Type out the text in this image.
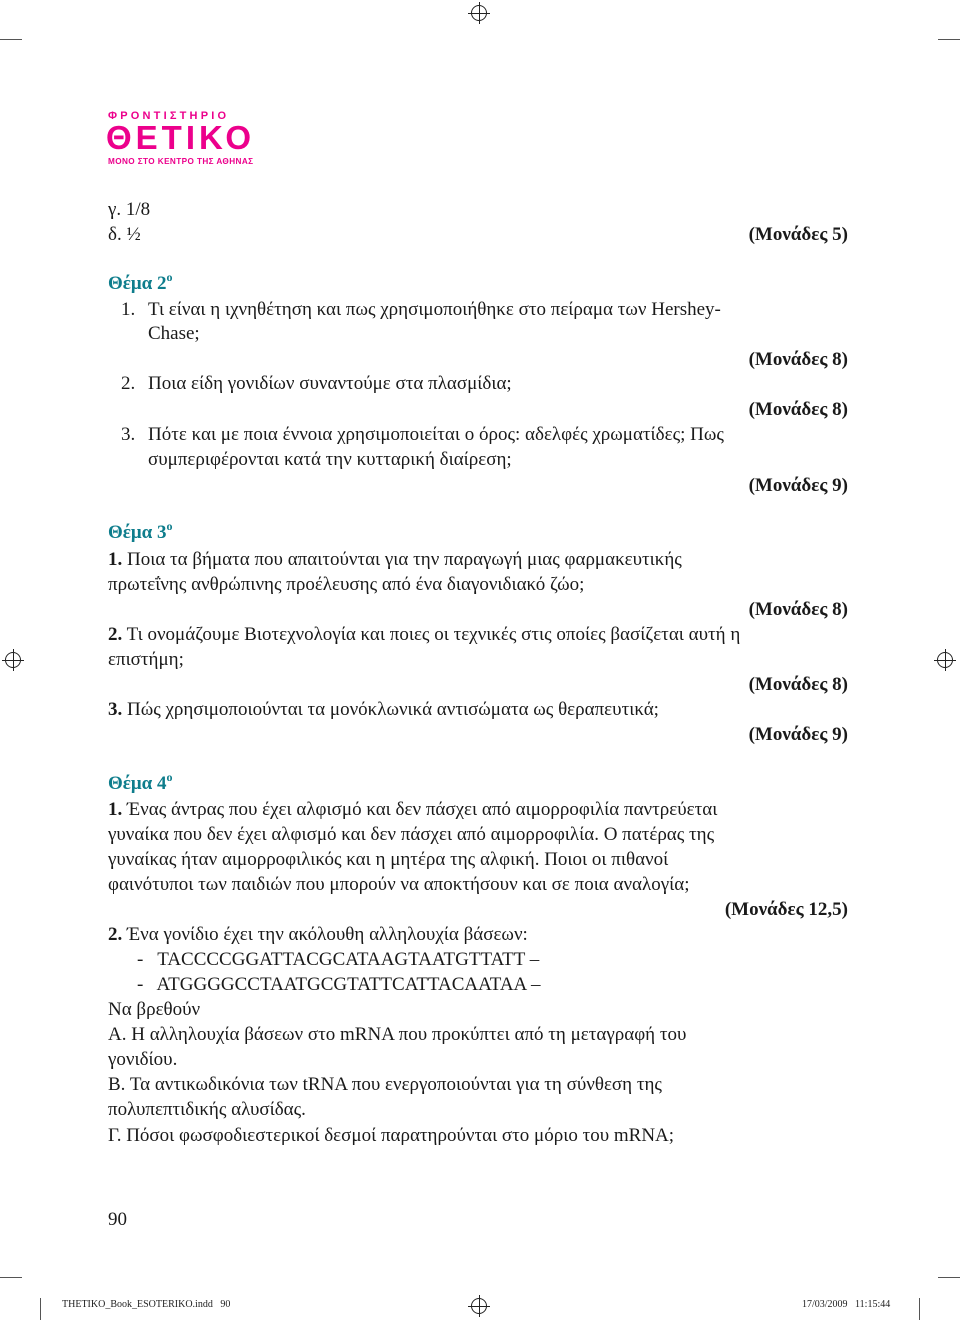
ΦΡΟΝΤΙΣΤΗΡΙΟ
ΘΕΤΙΚΟ
ΜΟΝΟ ΣΤΟ ΚΕΝΤΡΟ ΤΗΣ ΑΘΗΝΑΣ
γ. 1/8
δ. ½	(Μονάδες 5)
Θέμα $2^o$
1. Τι είναι η ιχνηθέτηση και πως χρησιμοποιήθηκε στο πείραμα των Hershey-
Chase;
(Μονάδες 8)
2. Ποια είδη γονιδίων συναντούμε στα πλασμίδια;
(Μονάδες 8)
3. Πότε και με ποια έννοια χρησιμοποιείται ο όρος: αδελφές χρωματίδες; Πως
συμπεριφέρονται κατά την κυτταρική διαίρεση;
(Μονάδες 9)
Θέμα $3^o$
1. Ποια τα βήματα που απαιτούνται για την παραγωγή μιας φαρμακευτικής
πρωτεΐνης ανθρώπινης προέλευσης από ένα διαγονιδιακό ζώο;
(Μονάδες 8)
2. Τι ονομάζουμε Βιοτεχνολογία και ποιες οι τεχνικές στις οποίες βασίζεται αυτή η
επιστήμη;
(Μονάδες 8)
3. Πώς χρησιμοποιούνται τα μονόκλωνικά αντισώματα ως θεραπευτικά;
(Μονάδες 9)
Θέμα $4^o$
1. Ένας άντρας που έχει αλφισμό και δεν πάσχει από αιμορροφιλία παντρεύεται
γυναίκα που δεν έχει αλφισμό και δεν πάσχει από αιμορροφιλία. Ο πατέρας της
γυναίκας ήταν αιμορροφιλικός και η μητέρα της αλφική. Ποιοι οι πιθανοί
φαινότυποι των παιδιών που μπορούν να αποκτήσουν και σε ποια αναλογία;
(Μονάδες 12,5)
2. Ένα γονίδιο έχει την ακόλουθη αλληλουχία βάσεων:
-   TACCCCGGATTACGCATAAGTAATGTTATT –
-   ATGGGGCCTAATGCGTATTCATTACAATAA –
Να βρεθούν
Α. Η αλληλουχία βάσεων στο mRNA που προκύπτει από τη μεταγραφή του
γονιδίου.
Β. Τα αντικωδικόνια των tRNA που ενεργοποιούνται για τη σύνθεση της
πολυπεπτιδικής αλυσίδας.
Γ. Πόσοι φωσφοδιεστερικοί δεσμοί παρατηρούνται στο μόριο του mRNA;
90
THETIKO_Book_ESOTERIKO.indd   90	17/03/2009   11:15:44
